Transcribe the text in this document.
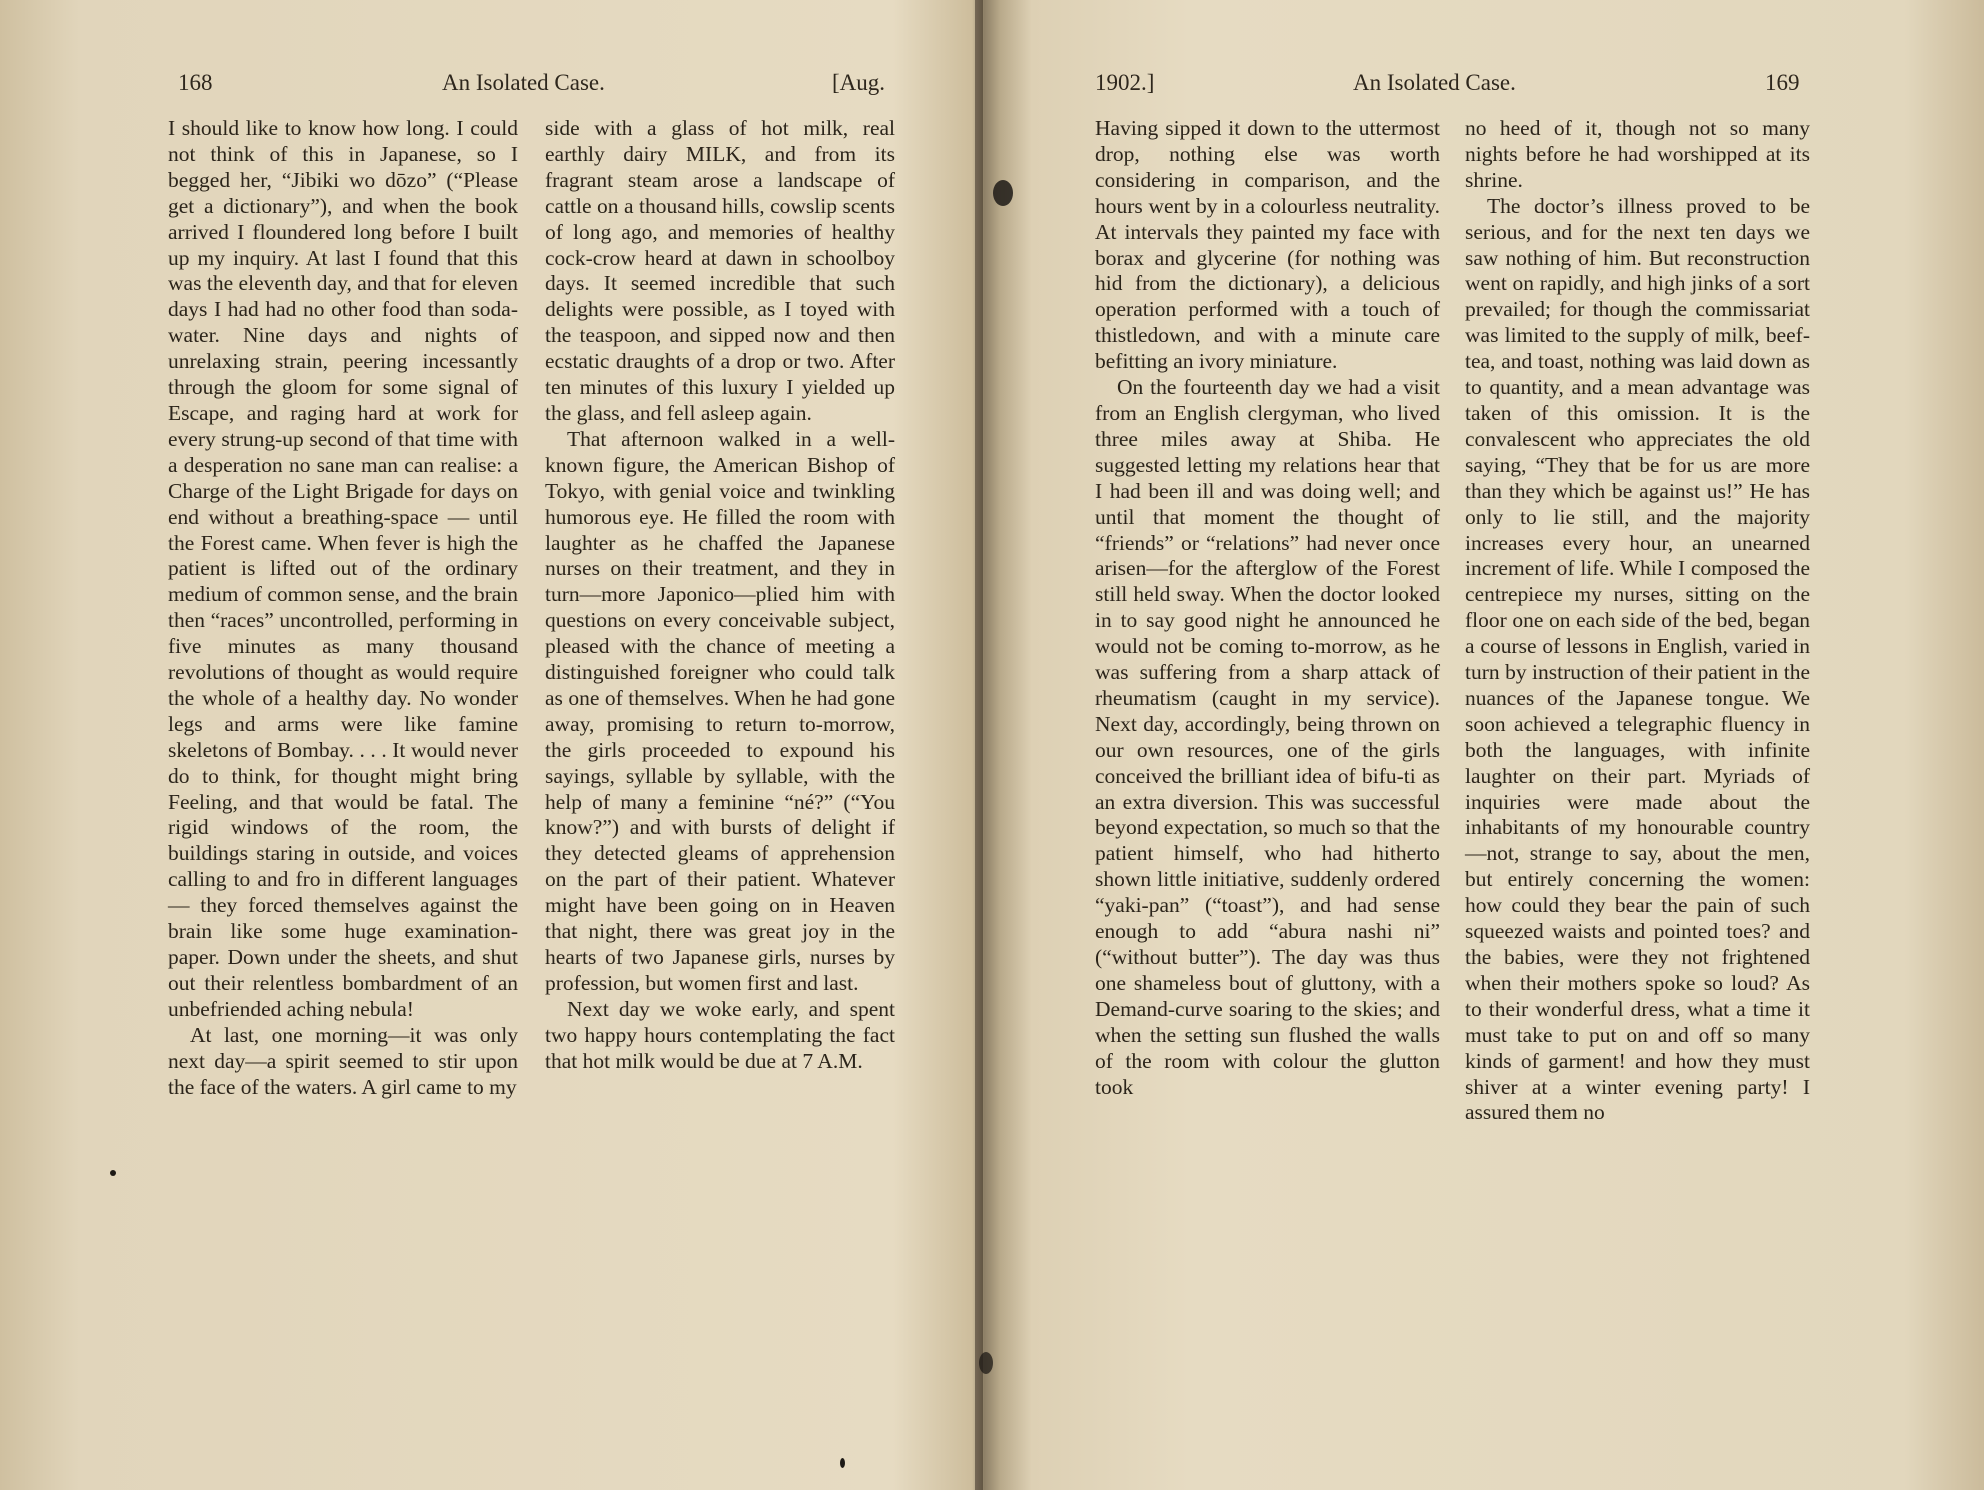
168	An Isolated Case.	[Aug.

I should like to know how long. I could not think of this in Japanese, so I begged her, “Jibiki wo dōzo” (“Please get a dictionary”), and when the book arrived I floundered long before I built up my inquiry. At last I found that this was the eleventh day, and that for eleven days I had had no other food than soda-water. Nine days and nights of unrelaxing strain, peering incessantly through the gloom for some signal of Escape, and raging hard at work for every strung-up second of that time with a desperation no sane man can realise: a Charge of the Light Brigade for days on end without a breathing-space — until the Forest came. When fever is high the patient is lifted out of the ordinary medium of common sense, and the brain then “races” uncontrolled, performing in five minutes as many thousand revolutions of thought as would require the whole of a healthy day. No wonder legs and arms were like famine skeletons of Bombay. . . . It would never do to think, for thought might bring Feeling, and that would be fatal. The rigid windows of the room, the buildings staring in outside, and voices calling to and fro in different languages — they forced themselves against the brain like some huge examination-paper. Down under the sheets, and shut out their relentless bombardment of an unbefriended aching nebula!

At last, one morning—it was only next day—a spirit seemed to stir upon the face of the waters. A girl came to my

side with a glass of hot milk, real earthly dairy MILK, and from its fragrant steam arose a landscape of cattle on a thousand hills, cowslip scents of long ago, and memories of healthy cock-crow heard at dawn in schoolboy days. It seemed incredible that such delights were possible, as I toyed with the teaspoon, and sipped now and then ecstatic draughts of a drop or two. After ten minutes of this luxury I yielded up the glass, and fell asleep again.

That afternoon walked in a well-known figure, the American Bishop of Tokyo, with genial voice and twinkling humorous eye. He filled the room with laughter as he chaffed the Japanese nurses on their treatment, and they in turn—more Japonico—plied him with questions on every conceivable subject, pleased with the chance of meeting a distinguished foreigner who could talk as one of themselves. When he had gone away, promising to return to-morrow, the girls proceeded to expound his sayings, syllable by syllable, with the help of many a feminine “né?” (“You know?”) and with bursts of delight if they detected gleams of apprehension on the part of their patient. Whatever might have been going on in Heaven that night, there was great joy in the hearts of two Japanese girls, nurses by profession, but women first and last.

Next day we woke early, and spent two happy hours contemplating the fact that hot milk would be due at 7 A.M.

1902.]	An Isolated Case.	169

Having sipped it down to the uttermost drop, nothing else was worth considering in comparison, and the hours went by in a colourless neutrality. At intervals they painted my face with borax and glycerine (for nothing was hid from the dictionary), a delicious operation performed with a touch of thistledown, and with a minute care befitting an ivory miniature.

On the fourteenth day we had a visit from an English clergyman, who lived three miles away at Shiba. He suggested letting my relations hear that I had been ill and was doing well; and until that moment the thought of “friends” or “relations” had never once arisen—for the afterglow of the Forest still held sway. When the doctor looked in to say good night he announced he would not be coming to-morrow, as he was suffering from a sharp attack of rheumatism (caught in my service). Next day, accordingly, being thrown on our own resources, one of the girls conceived the brilliant idea of bifu-ti as an extra diversion. This was successful beyond expectation, so much so that the patient himself, who had hitherto shown little initiative, suddenly ordered “yaki-pan” (“toast”), and had sense enough to add “abura nashi ni” (“without butter”). The day was thus one shameless bout of gluttony, with a Demand-curve soaring to the skies; and when the setting sun flushed the walls of the room with colour the glutton took

no heed of it, though not so many nights before he had worshipped at its shrine.

The doctor’s illness proved to be serious, and for the next ten days we saw nothing of him. But reconstruction went on rapidly, and high jinks of a sort prevailed; for though the commissariat was limited to the supply of milk, beef-tea, and toast, nothing was laid down as to quantity, and a mean advantage was taken of this omission. It is the convalescent who appreciates the old saying, “They that be for us are more than they which be against us!” He has only to lie still, and the majority increases every hour, an unearned increment of life. While I composed the centrepiece my nurses, sitting on the floor one on each side of the bed, began a course of lessons in English, varied in turn by instruction of their patient in the nuances of the Japanese tongue. We soon achieved a telegraphic fluency in both the languages, with infinite laughter on their part. Myriads of inquiries were made about the inhabitants of my honourable country—not, strange to say, about the men, but entirely concerning the women: how could they bear the pain of such squeezed waists and pointed toes? and the babies, were they not frightened when their mothers spoke so loud? As to their wonderful dress, what a time it must take to put on and off so many kinds of garment! and how they must shiver at a winter evening party! I assured them no
